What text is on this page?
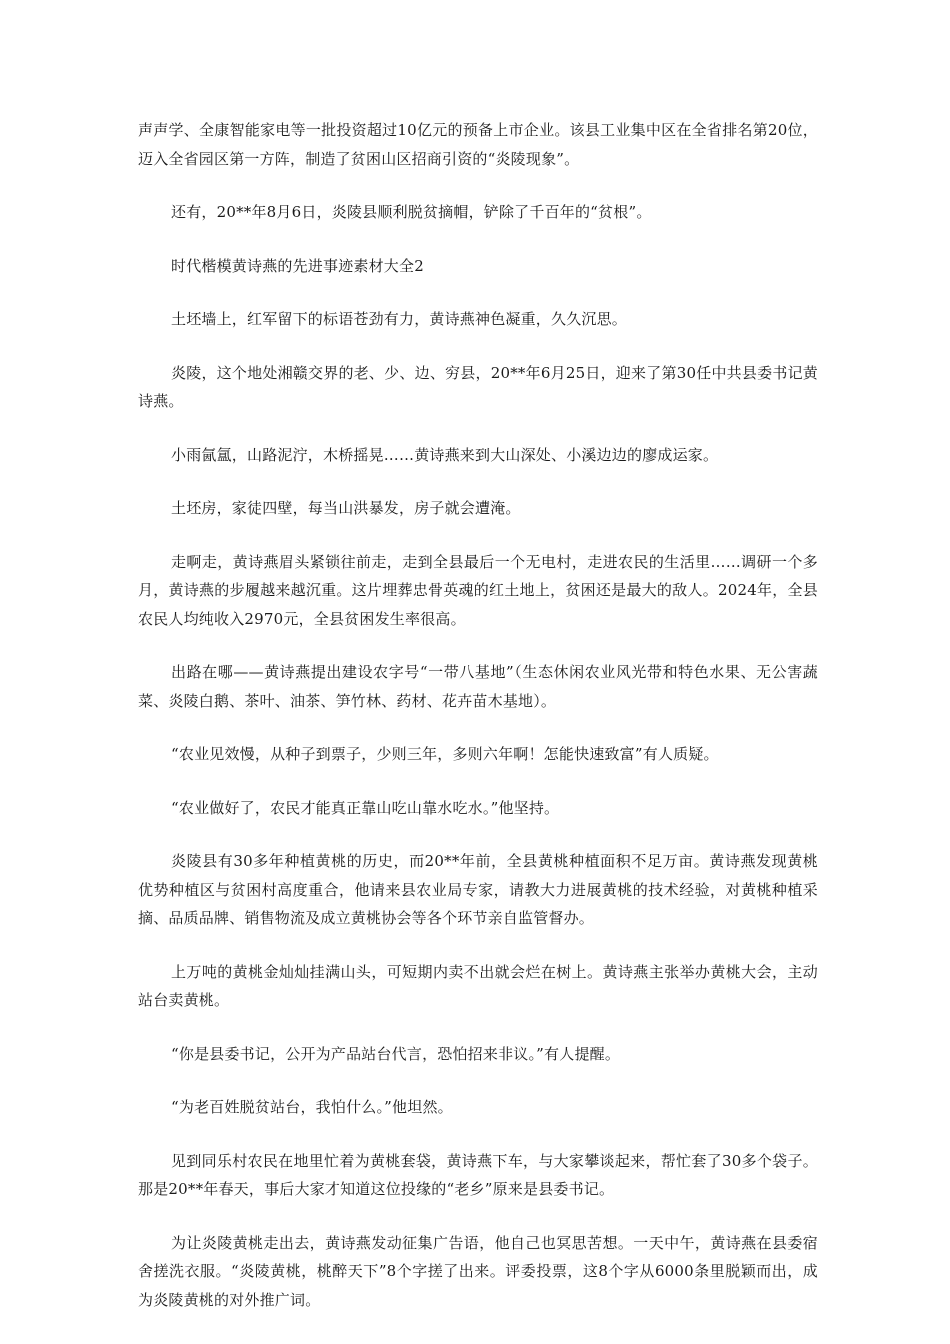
声声学、全康智能家电等一批投资超过10亿元的预备上市企业。该县工业集中区在全省排名第20位，迈入全省园区第一方阵，制造了贫困山区招商引资的“炎陵现象”。

还有，20**年8月6日，炎陵县顺利脱贫摘帽，铲除了千百年的“贫根”。

时代楷模黄诗燕的先进事迹素材大全2

土坯墙上，红军留下的标语苍劲有力，黄诗燕神色凝重，久久沉思。

炎陵，这个地处湘赣交界的老、少、边、穷县，20**年6月25日，迎来了第30任中共县委书记黄诗燕。

小雨氤氲，山路泥泞，木桥摇晃……黄诗燕来到大山深处、小溪边边的廖成运家。

土坯房，家徒四壁，每当山洪暴发，房子就会遭淹。

走啊走，黄诗燕眉头紧锁往前走，走到全县最后一个无电村，走进农民的生活里……调研一个多月，黄诗燕的步履越来越沉重。这片埋葬忠骨英魂的红土地上，贫困还是最大的敌人。2024年，全县农民人均纯收入2970元，全县贫困发生率很高。

出路在哪——黄诗燕提出建设农字号“一带八基地”（生态休闲农业风光带和特色水果、无公害蔬菜、炎陵白鹅、茶叶、油茶、笋竹林、药材、花卉苗木基地）。

“农业见效慢，从种子到票子，少则三年，多则六年啊！怎能快速致富”有人质疑。

“农业做好了，农民才能真正靠山吃山靠水吃水。”他坚持。

炎陵县有30多年种植黄桃的历史，而20**年前，全县黄桃种植面积不足万亩。黄诗燕发现黄桃优势种植区与贫困村高度重合，他请来县农业局专家，请教大力进展黄桃的技术经验，对黄桃种植采摘、品质品牌、销售物流及成立黄桃协会等各个环节亲自监管督办。

上万吨的黄桃金灿灿挂满山头，可短期内卖不出就会烂在树上。黄诗燕主张举办黄桃大会，主动站台卖黄桃。

“你是县委书记，公开为产品站台代言，恐怕招来非议。”有人提醒。

“为老百姓脱贫站台，我怕什么。”他坦然。

见到同乐村农民在地里忙着为黄桃套袋，黄诗燕下车，与大家攀谈起来，帮忙套了30多个袋子。那是20**年春天，事后大家才知道这位投缘的“老乡”原来是县委书记。

为让炎陵黄桃走出去，黄诗燕发动征集广告语，他自己也冥思苦想。一天中午，黄诗燕在县委宿舍搓洗衣服。“炎陵黄桃，桃醉天下”8个字搓了出来。评委投票，这8个字从6000条里脱颖而出，成为炎陵黄桃的对外推广词。
